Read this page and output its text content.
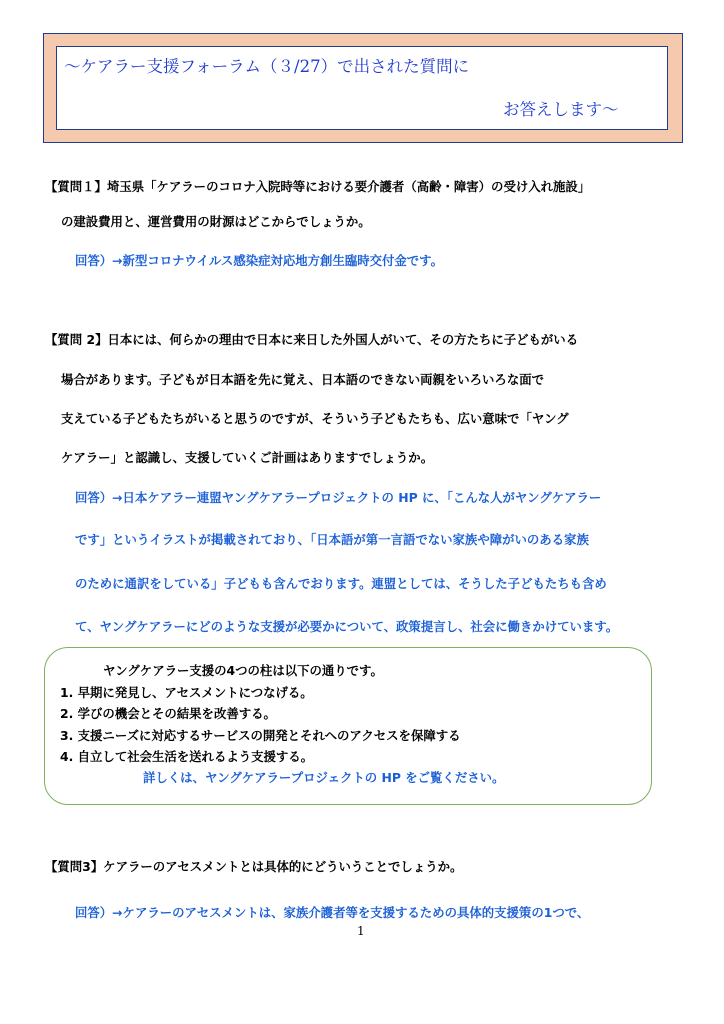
～ケアラー支援フォーラム（３/27）で出された質問に
お答えします～
【質問１】埼玉県「ケアラーのコロナ入院時等における要介護者（高齢・障害）の受け入れ施設」
の建設費用と、運営費用の財源はどこからでしょうか。
回答）→新型コロナウイルス感染症対応地方創生臨時交付金です。
【質問 2】日本には、何らかの理由で日本に来日した外国人がいて、その方たちに子どもがいる
場合があります。子どもが日本語を先に覚え、日本語のできない両親をいろいろな面で
支えている子どもたちがいると思うのですが、そういう子どもたちも、広い意味で「ヤング
ケアラー」と認識し、支援していくご計画はありますでしょうか。
回答）→日本ケアラー連盟ヤングケアラープロジェクトの HP に、「こんな人がヤングケアラー
です」というイラストが掲載されており、「日本語が第一言語でない家族や障がいのある家族
のために通訳をしている」子どもも含んでおります。連盟としては、そうした子どもたちも含め
て、ヤングケアラーにどのような支援が必要かについて、政策提言し、社会に働きかけています。
ヤングケアラー支援の4つの柱は以下の通りです。
1. 早期に発見し、アセスメントにつなげる。
2. 学びの機会とその結果を改善する。
3. 支援ニーズに対応するサービスの開発とそれへのアクセスを保障する
4. 自立して社会生活を送れるよう支援する。
詳しくは、ヤングケアラープロジェクトの HP をご覧ください。
【質問3】ケアラーのアセスメントとは具体的にどういうことでしょうか。
回答）→ケアラーのアセスメントは、家族介護者等を支援するための具体的支援策の1つで、
1
